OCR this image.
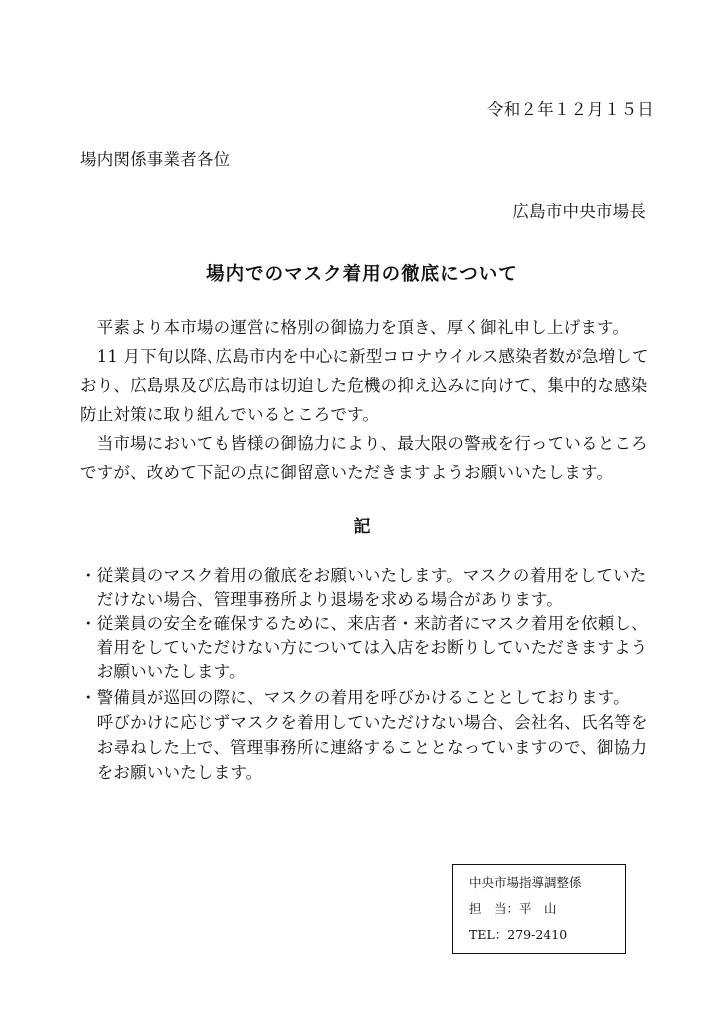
令和２年１２月１５日
場内関係事業者各位
広島市中央市場長
場内でのマスク着用の徹底について
　平素より本市場の運営に格別の御協力を頂き、厚く御礼申し上げます。
　11 月下旬以降､広島市内を中心に新型コロナウイルス感染者数が急増して
おり、広島県及び広島市は切迫した危機の抑え込みに向けて、集中的な感染
防止対策に取り組んでいるところです。
　当市場においても皆様の御協力により、最大限の警戒を行っているところ
ですが、改めて下記の点に御留意いただきますようお願いいたします。
記
・従業員のマスク着用の徹底をお願いいたします。マスクの着用をしていた
　だけない場合、管理事務所より退場を求める場合があります。
・従業員の安全を確保するために、来店者・来訪者にマスク着用を依頼し、
　着用をしていただけない方については入店をお断りしていただきますよう
　お願いいたします。
・警備員が巡回の際に、マスクの着用を呼びかけることとしております。
　呼びかけに応じずマスクを着用していただけない場合、会社名、氏名等を
　お尋ねした上で、管理事務所に連絡することとなっていますので、御協力
　をお願いいたします。
中央市場指導調整係
担　当：平　山
TEL：279-2410
